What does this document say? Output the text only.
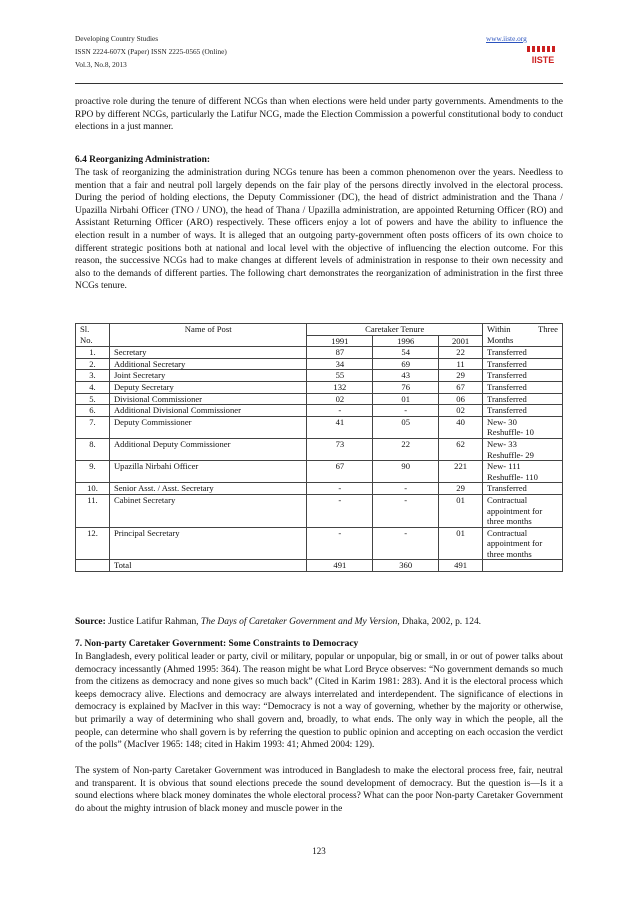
Developing Country Studies
ISSN 2224-607X (Paper) ISSN 2225-0565 (Online)
Vol.3, No.8, 2013
www.iiste.org
IISTE
proactive role during the tenure of different NCGs than when elections were held under party governments. Amendments to the RPO by different NCGs, particularly the Latifur NCG, made the Election Commission a powerful constitutional body to conduct elections in a just manner.
6.4 Reorganizing Administration:
The task of reorganizing the administration during NCGs tenure has been a common phenomenon over the years. Needless to mention that a fair and neutral poll largely depends on the fair play of the persons directly involved in the electoral process. During the period of holding elections, the Deputy Commissioner (DC), the head of district administration and the Thana / Upazilla Nirbahi Officer (TNO / UNO), the head of Thana / Upazilla administration, are appointed Returning Officer (RO) and Assistant Returning Officer (ARO) respectively. These officers enjoy a lot of powers and have the ability to influence the election result in a number of ways. It is alleged that an outgoing party-government often posts officers of its own choice to different strategic positions both at national and local level with the objective of influencing the election outcome. For this reason, the successive NCGs had to make changes at different levels of administration in response to their own necessity and also to the demands of different parties. The following chart demonstrates the reorganization of administration in the first three NCGs tenure.
Sl.	Name of Post	Caretaker Tenure			Within Three

No.		1991	1996	2001	Months
1.	Secretary	87	54	22	Transferred

2.	Additional Secretary	34	69	11	Transferred

3.	Joint Secretary	55	43	29	Transferred

4.	Deputy Secretary	132	76	67	Transferred

5.	Divisional Commissioner	02	01	06	Transferred

6.	Additional Divisional Commissioner	-	-	02	Transferred

7.	Deputy Commissioner	41	05	40	New- 30
Reshuffle- 10

8.	Additional Deputy Commissioner	73	22	62	New- 33
Reshuffle- 29

9.	Upazilla Nirbahi Officer	67	90	221	New- 111
Reshuffle- 110

10.	Senior Asst. / Asst. Secretary	-	-	29	Transferred

11.	Cabinet Secretary	-	-	01	Contractual
appointment for
three months

12.	Principal Secretary	-	-	01	Contractual
appointment for
three months

	Total	491	360	491	
Source: Justice Latifur Rahman, The Days of Caretaker Government and My Version, Dhaka, 2002, p. 124.
7. Non-party Caretaker Government: Some Constraints to Democracy
In Bangladesh, every political leader or party, civil or military, popular or unpopular, big or small, in or out of power talks about democracy incessantly (Ahmed 1995: 364). The reason might be what Lord Bryce observes: “No government demands so much from the citizens as democracy and none gives so much back” (Cited in Karim 1981: 283). And it is the electoral process which keeps democracy alive. Elections and democracy are always interrelated and interdependent. The significance of elections in democracy is explained by MacIver in this way: “Democracy is not a way of governing, whether by the majority or otherwise, but primarily a way of determining who shall govern and, broadly, to what ends. The only way in which the people, all the people, can determine who shall govern is by referring the question to public opinion and accepting on each occasion the verdict of the polls” (MacIver 1965: 148; cited in Hakim 1993: 41; Ahmed 2004: 129).
The system of Non-party Caretaker Government was introduced in Bangladesh to make the electoral process free, fair, neutral and transparent. It is obvious that sound elections precede the sound development of democracy. But the question is—Is it a sound elections where black money dominates the whole electoral process? What can the poor Non-party Caretaker Government do about the mighty intrusion of black money and muscle power in the
123
